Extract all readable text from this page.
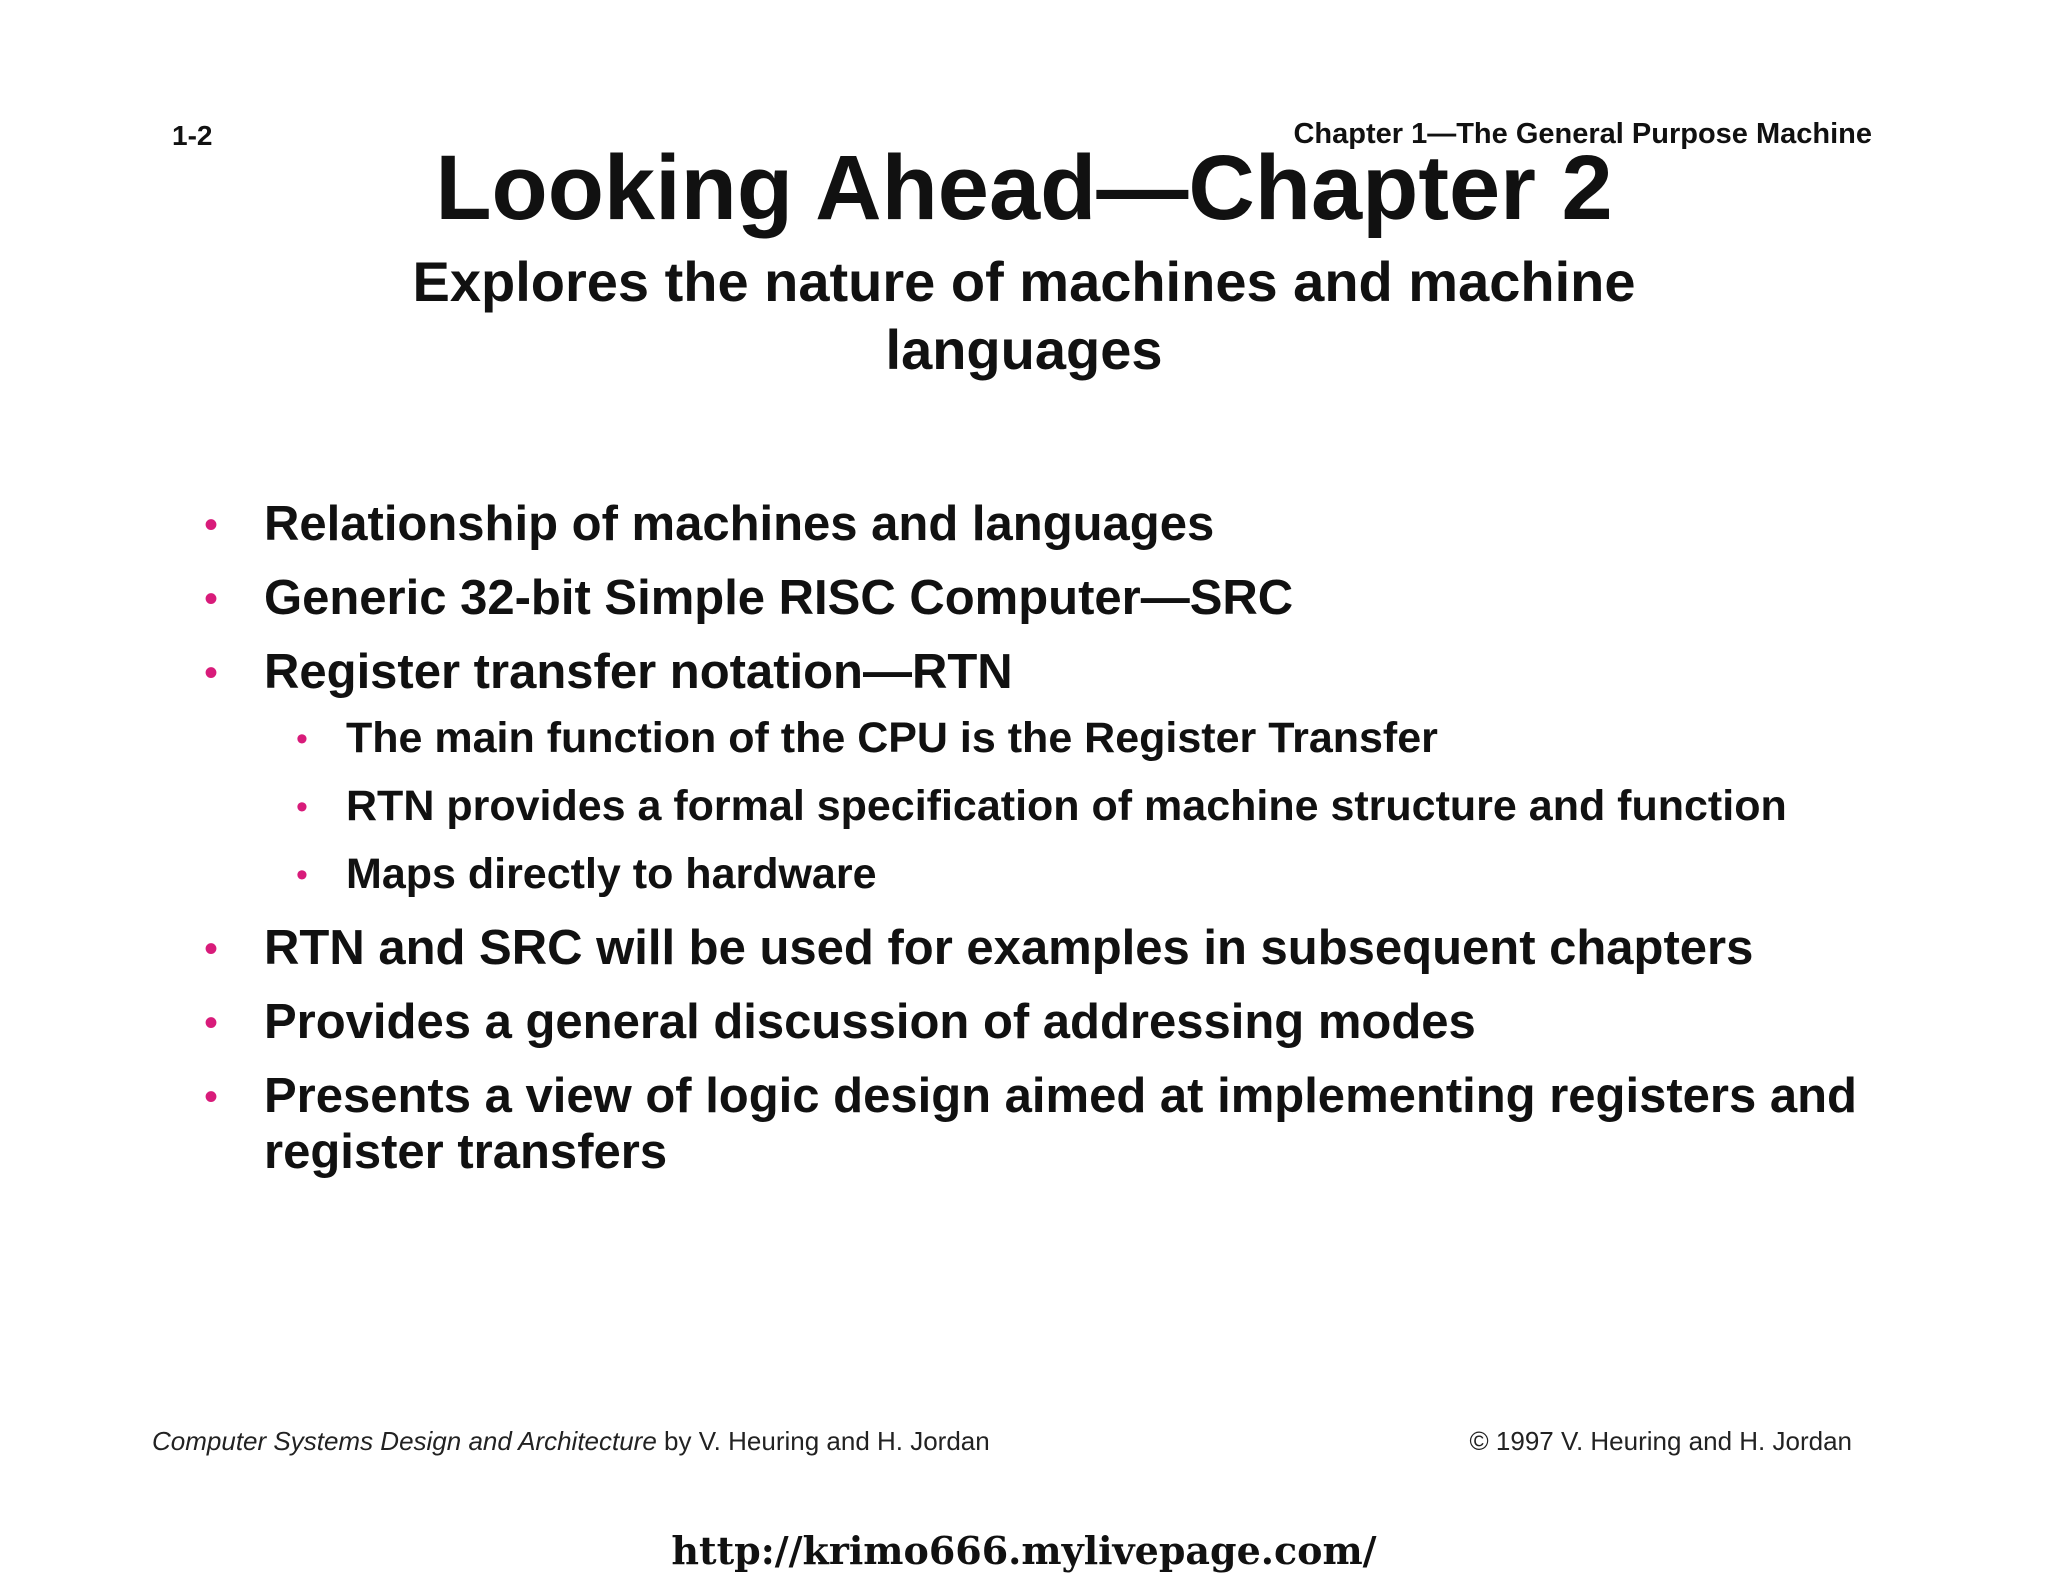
1-2	Chapter 1—The General Purpose Machine
Looking Ahead—Chapter 2
Explores the nature of machines and machine
languages
• Relationship of machines and languages
• Generic 32-bit Simple RISC Computer—SRC
• Register transfer notation—RTN
• The main function of the CPU is the Register Transfer
• RTN provides a formal specification of machine structure and function
• Maps directly to hardware
• RTN and SRC will be used for examples in subsequent chapters
• Provides a general discussion of addressing modes
• Presents a view of logic design aimed at implementing registers and register transfers
Computer Systems Design and Architecture by V. Heuring and H. Jordan	© 1997 V. Heuring and H. Jordan
http://krimo666.mylivepage.com/
